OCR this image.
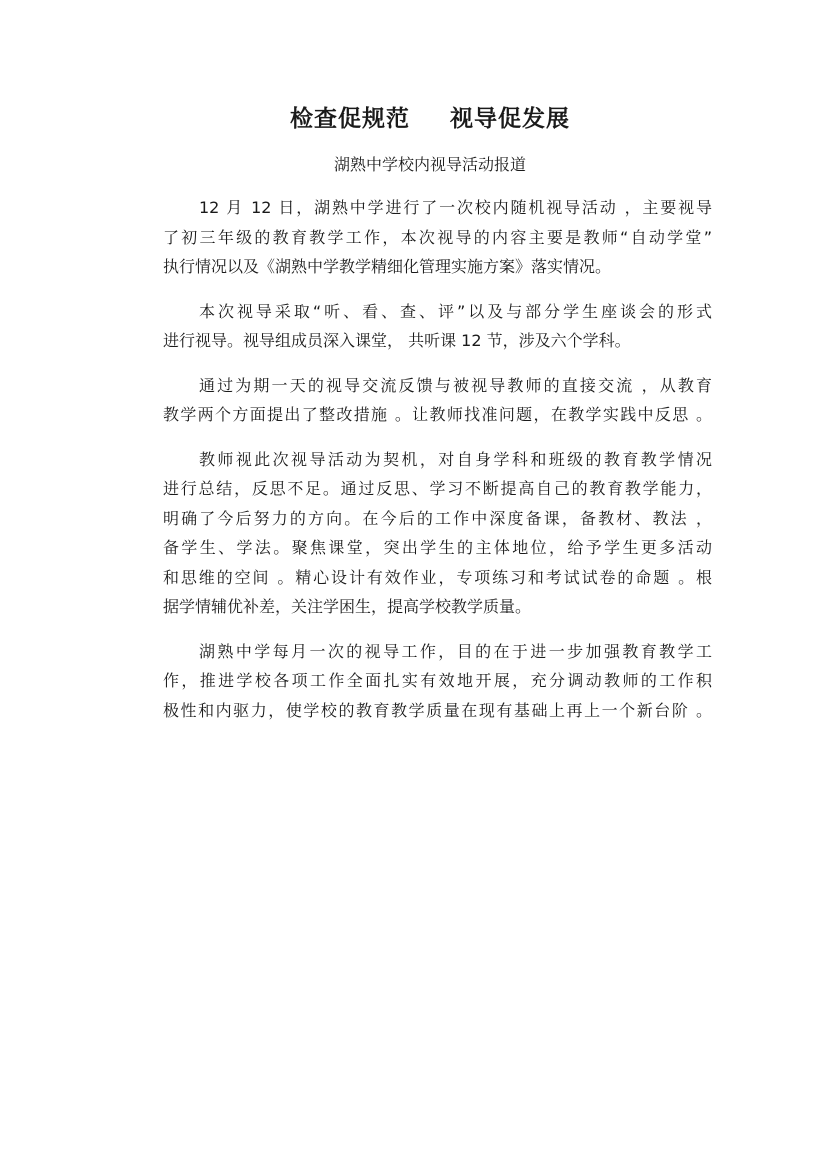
检查促规范 视导促发展

湖熟中学校内视导活动报道

12 月 12 日，湖熟中学进行了一次校内随机视导活动 ，主要视导
了初三年级的教育教学工作，本次视导的内容主要是教师“自动学堂”
执行情况以及《湖熟中学教学精细化管理实施方案》落实情况。
本次视导采取“听、看、查、评”以及与部分学生座谈会的形式
进行视导。视导组成员深入课堂， 共听课 12 节，涉及六个学科。
通过为期一天的视导交流反馈与被视导教师的直接交流 ，从教育
教学两个方面提出了整改措施 。让教师找准问题，在教学实践中反思 。
教师视此次视导活动为契机，对自身学科和班级的教育教学情况
进行总结，反思不足。通过反思、学习不断提高自己的教育教学能力，
明确了今后努力的方向。在今后的工作中深度备课，备教材、教法 ，
备学生、学法。聚焦课堂，突出学生的主体地位，给予学生更多活动
和思维的空间 。精心设计有效作业，专项练习和考试试卷的命题 。根
据学情辅优补差，关注学困生，提高学校教学质量。
湖熟中学每月一次的视导工作，目的在于进一步加强教育教学工
作，推进学校各项工作全面扎实有效地开展，充分调动教师的工作积
极性和内驱力，使学校的教育教学质量在现有基础上再上一个新台阶 。
